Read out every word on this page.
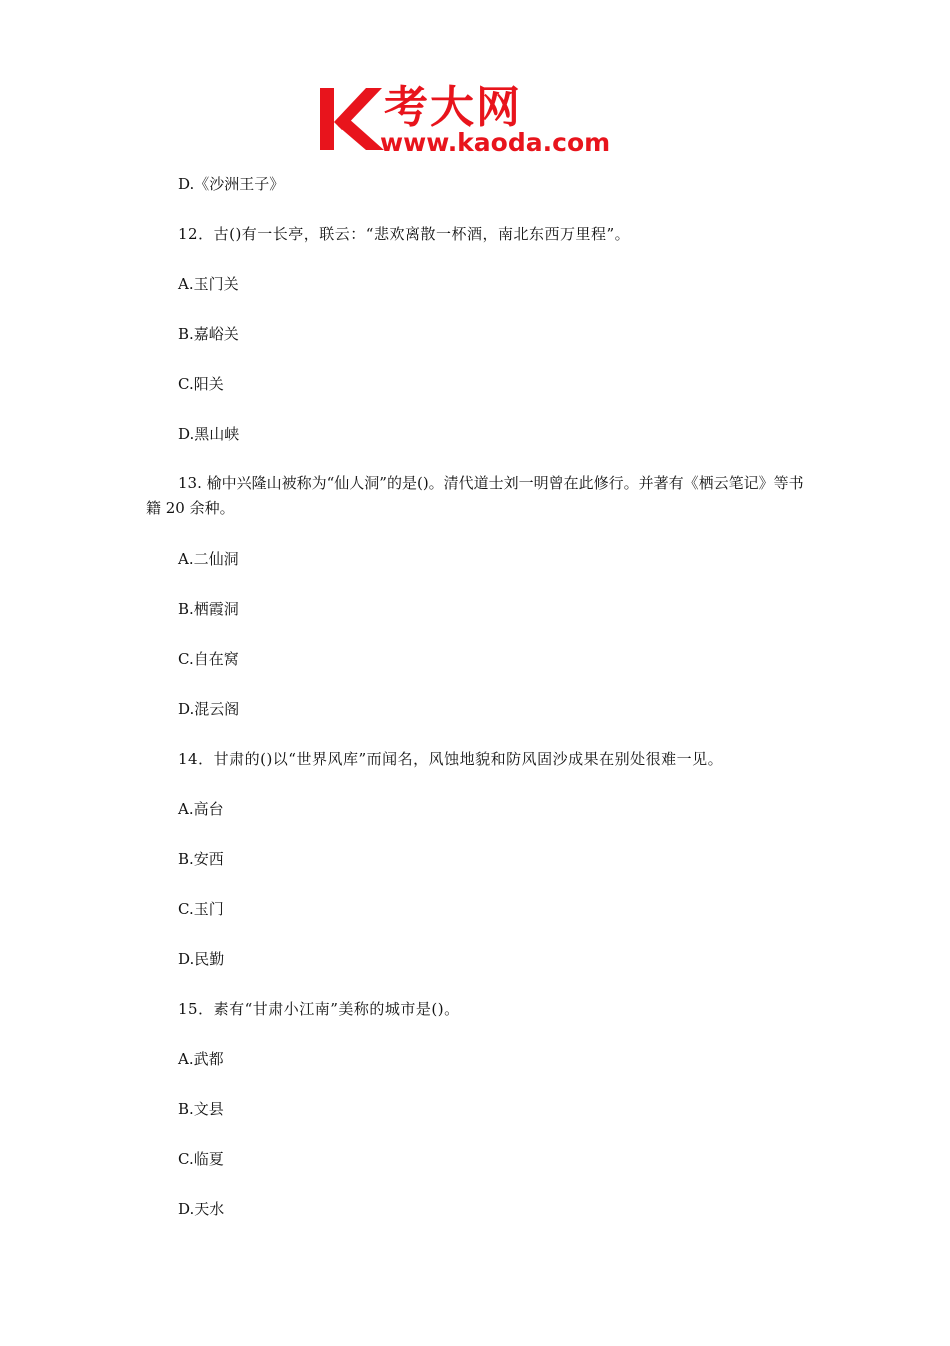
考大网
www.kaoda.com
D.《沙洲王子》
12．古()有一长亭，联云：“悲欢离散一杯酒，南北东西万里程”。
A.玉门关
B.嘉峪关
C.阳关
D.黑山峡
13. 榆中兴隆山被称为“仙人洞”的是()。清代道士刘一明曾在此修行。并著有《栖云笔记》等书籍 20 余种。
A.二仙洞
B.栖霞洞
C.自在窝
D.混云阁
14．甘肃的()以“世界风库”而闻名，风蚀地貌和防风固沙成果在别处很难一见。
A.高台
B.安西
C.玉门
D.民勤
15．素有“甘肃小江南”美称的城市是()。
A.武都
B.文县
C.临夏
D.天水
